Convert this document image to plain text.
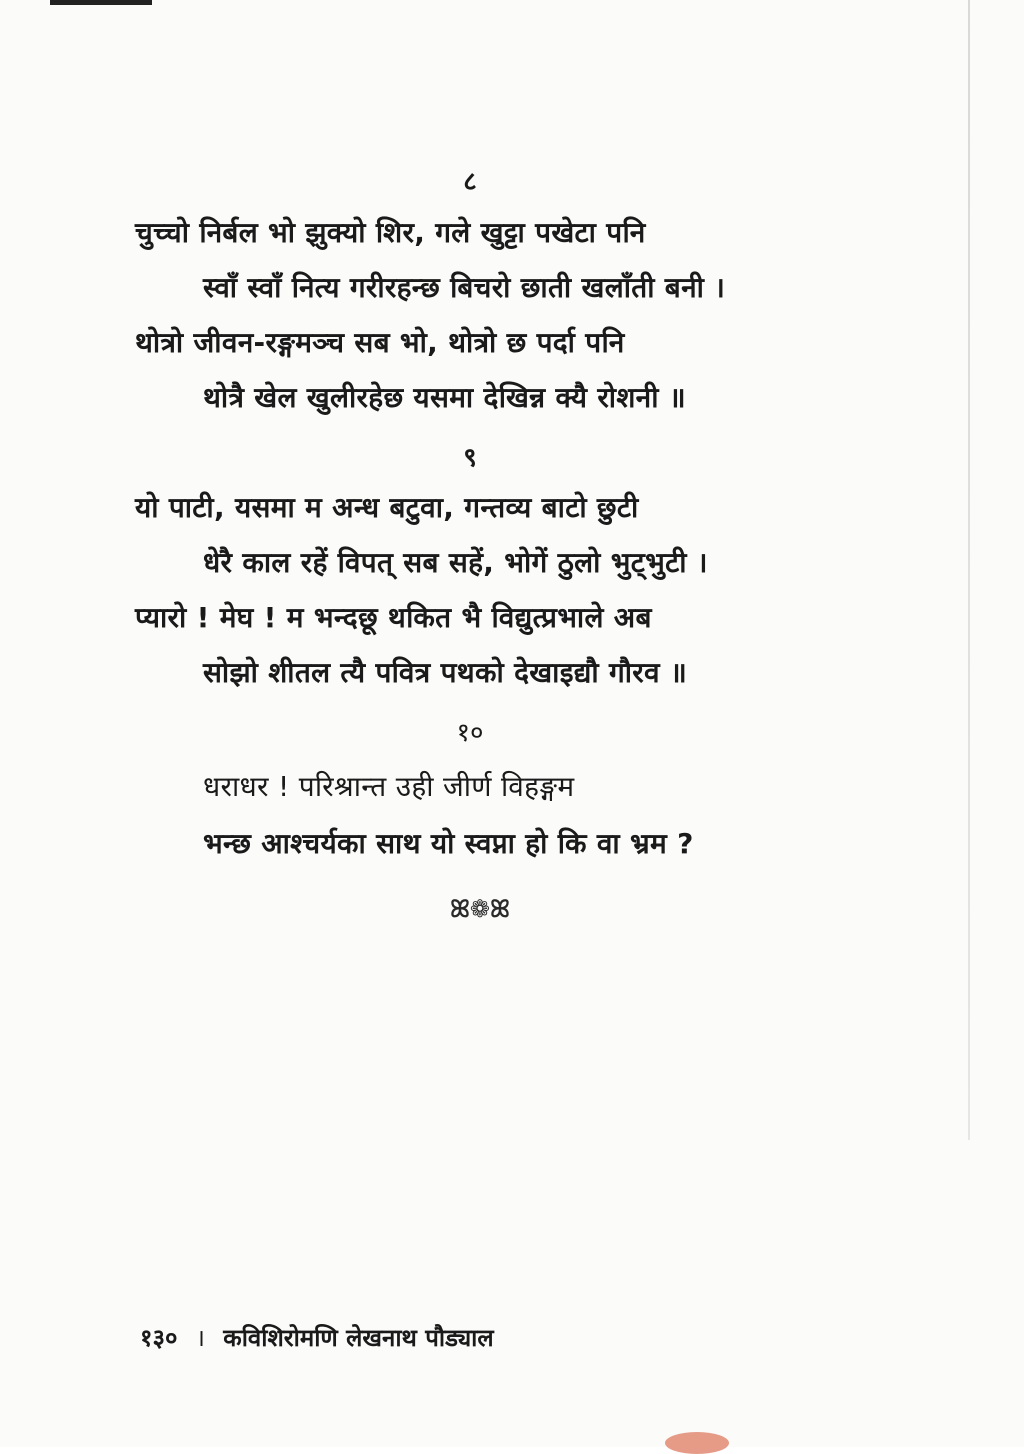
८
चुच्चो निर्बल भो झुक्यो शिर, गले खुट्टा पखेटा पनि
स्वाँ स्वाँ नित्य गरीरहन्छ बिचरो छाती खलाँती बनी ।
थोत्रो जीवन-रङ्गमञ्च सब भो, थोत्रो छ पर्दा पनि
थोत्रै खेल खुलीरहेछ यसमा देखिन्न क्यै रोशनी ॥
९
यो पाटी, यसमा म अन्ध बटुवा, गन्तव्य बाटो छुटी
धेरै काल रहें विपत् सब सहें, भोगें ठुलो भुट्भुटी ।
प्यारो ! मेघ ! म भन्दछू थकित भै विद्युत्प्रभाले अब
सोझो शीतल त्यै पवित्र पथको देखाइद्यौ गौरव ॥
१०
धराधर ! परिश्रान्त उही जीर्ण विहङ्गम
भन्छ आश्चर्यका साथ यो स्वप्ना हो कि वा भ्रम ?
ꕤ❁ꕤ
१३० । कविशिरोमणि लेखनाथ पौड्याल
